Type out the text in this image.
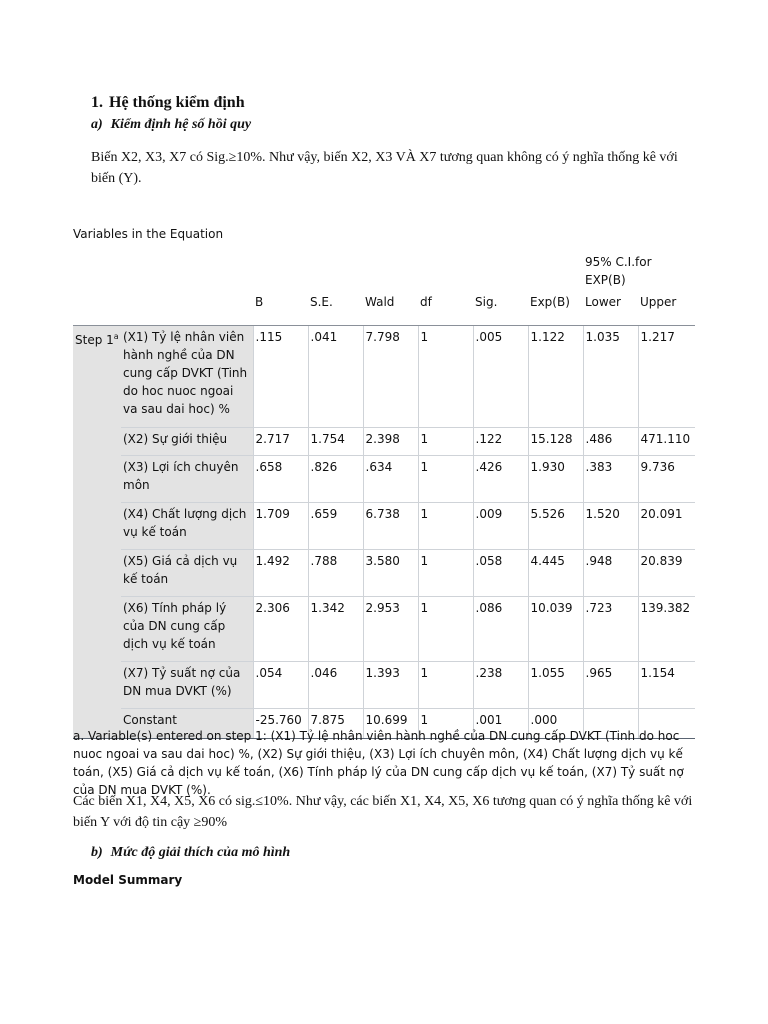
1. Hệ thống kiểm định
a) Kiểm định hệ số hồi quy
Biến X2, X3, X7 có Sig.≥10%. Như vậy, biến X2, X3 VÀ X7 tương quan không có ý nghĩa thống kê với biến (Y).
Variables in the Equation
								95% C.I.for EXP(B)	
		B	S.E.	Wald	df	Sig.	Exp(B)	Lower	Upper
Step 1$^a$	(X1) Tỷ lệ nhân viên hành nghề của DN cung cấp DVKT (Tinh do hoc nuoc ngoai va sau dai hoc) %	.115	.041	7.798	1	.005	1.122	1.035	1.217
	(X2) Sự giới thiệu	2.717	1.754	2.398	1	.122	15.128	.486	471.110
	(X3) Lợi ích chuyên môn	.658	.826	.634	1	.426	1.930	.383	9.736
	(X4) Chất lượng dịch vụ kế toán	1.709	.659	6.738	1	.009	5.526	1.520	20.091
	(X5) Giá cả dịch vụ kế toán	1.492	.788	3.580	1	.058	4.445	.948	20.839
	(X6) Tính pháp lý của DN cung cấp dịch vụ kế toán	2.306	1.342	2.953	1	.086	10.039	.723	139.382
	(X7) Tỷ suất nợ của DN mua DVKT (%)	.054	.046	1.393	1	.238	1.055	.965	1.154
	Constant	-25.760	7.875	10.699	1	.001	.000		
a. Variable(s) entered on step 1: (X1) Tỷ lệ nhân viên hành nghề của DN cung cấp DVKT (Tinh do hoc nuoc ngoai va sau dai hoc) %, (X2) Sự giới thiệu, (X3) Lợi ích chuyên môn, (X4) Chất lượng dịch vụ kế toán, (X5) Giá cả dịch vụ kế toán, (X6) Tính pháp lý của DN cung cấp dịch vụ kế toán, (X7) Tỷ suất nợ của DN mua DVKT (%).
Các biến X1, X4, X5, X6 có sig.≤10%. Như vậy, các biến X1, X4, X5, X6 tương quan có ý nghĩa thống kê với biến Y với độ tin cậy ≥90%
b) Mức độ giải thích của mô hình
Model Summary
